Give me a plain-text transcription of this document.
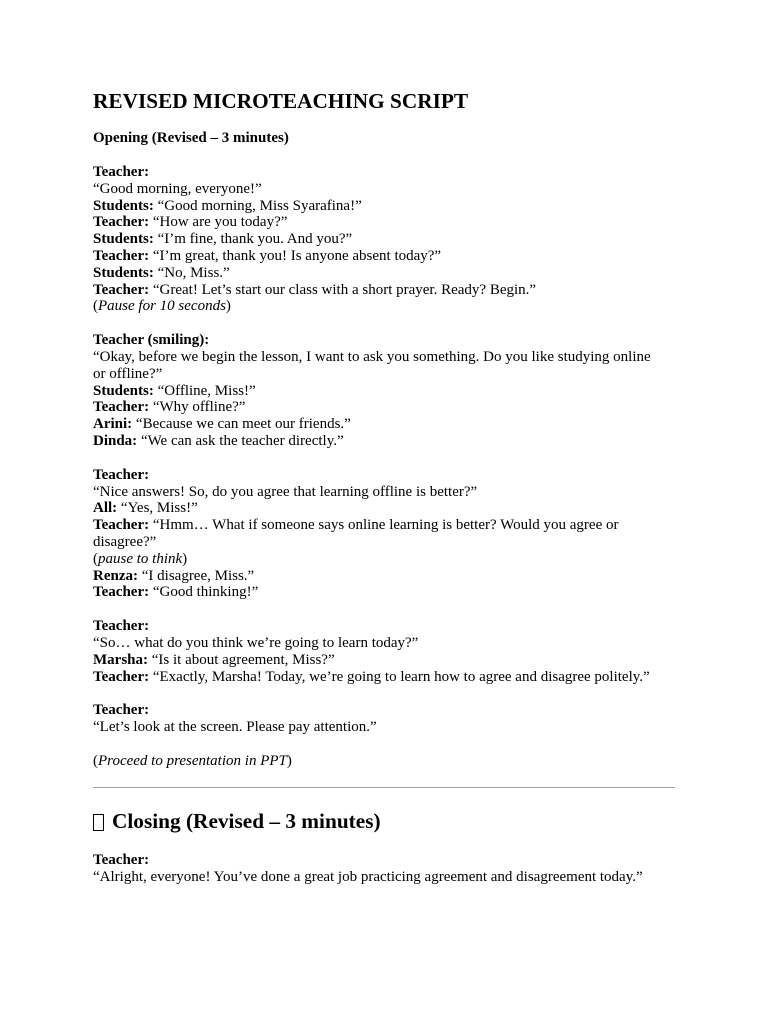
REVISED MICROTEACHING SCRIPT
Opening (Revised – 3 minutes)
Teacher:
“Good morning, everyone!”
Students: “Good morning, Miss Syarafina!”
Teacher: “How are you today?”
Students: “I’m fine, thank you. And you?”
Teacher: “I’m great, thank you! Is anyone absent today?”
Students: “No, Miss.”
Teacher: “Great! Let’s start our class with a short prayer. Ready? Begin.”
(Pause for 10 seconds)
Teacher (smiling):
“Okay, before we begin the lesson, I want to ask you something. Do you like studying online
or offline?”
Students: “Offline, Miss!”
Teacher: “Why offline?”
Arini: “Because we can meet our friends.”
Dinda: “We can ask the teacher directly.”
Teacher:
“Nice answers! So, do you agree that learning offline is better?”
All: “Yes, Miss!”
Teacher: “Hmm… What if someone says online learning is better? Would you agree or
disagree?”
(pause to think)
Renza: “I disagree, Miss.”
Teacher: “Good thinking!”
Teacher:
“So… what do you think we’re going to learn today?”
Marsha: “Is it about agreement, Miss?”
Teacher: “Exactly, Marsha! Today, we’re going to learn how to agree and disagree politely.”
Teacher:
“Let’s look at the screen. Please pay attention.”
(Proceed to presentation in PPT)
Closing (Revised – 3 minutes)
Teacher:
“Alright, everyone! You’ve done a great job practicing agreement and disagreement today.”
